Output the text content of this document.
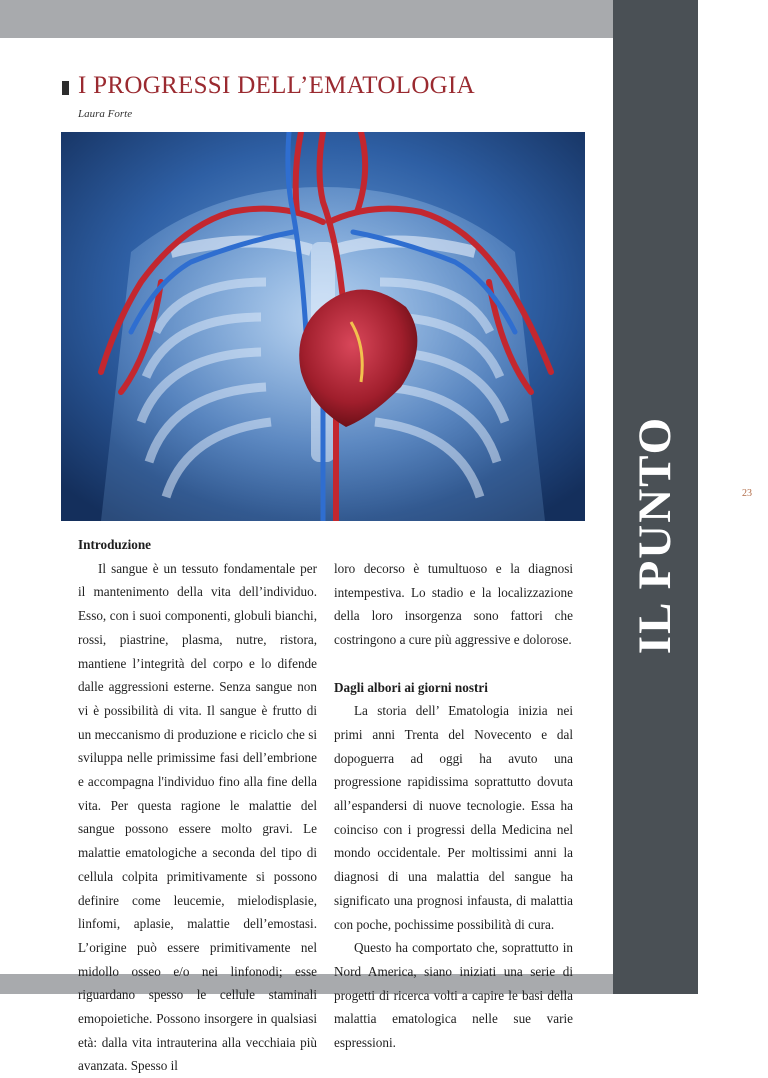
IL PUNTO	23
I PROGRESSI DELL’EMATOLOGIA
Laura Forte
Introduzione

Il sangue è un tessuto fondamentale per il mantenimento della vita dell’individuo. Esso, con i suoi componenti, globuli bianchi, rossi, piastrine, plasma, nutre, ristora, mantiene l’integrità del corpo e lo difende dalle aggressioni esterne. Senza sangue non vi è possibilità di vita. Il sangue è frutto di un meccanismo di produzione e riciclo che si sviluppa nelle primissime fasi dell’embrione e accompagna l'individuo fino alla fine della vita. Per questa ragione le malattie del sangue possono essere molto gravi. Le malattie ematologiche a seconda del tipo di cellula colpita primitivamente si possono definire come leucemie, mielodisplasie, linfomi, aplasie, malattie dell’emostasi. L’origine può essere primitivamente nel midollo osseo e/o nei linfonodi; esse riguardano spesso le cellule staminali emopoietiche. Possono insorgere in qualsiasi età: dalla vita intrauterina alla vecchiaia più avanzata. Spesso il

loro decorso è tumultuoso e la diagnosi intempestiva. Lo stadio e la localizzazione della loro insorgenza sono fattori che costringono a cure più aggressive e dolorose.

Dagli albori ai giorni nostri

La storia dell’ Ematologia inizia nei primi anni Trenta del Novecento e dal dopoguerra ad oggi ha avuto una progressione rapidissima soprattutto dovuta all’espandersi di nuove tecnologie. Essa ha coinciso con i progressi della Medicina nel mondo occidentale. Per moltissimi anni la diagnosi di una malattia del sangue ha significato una prognosi infausta, di malattia con poche, pochissime possibilità di cura.

Questo ha comportato che, soprattutto in Nord America, siano iniziati una serie di progetti di ricerca volti a capire le basi della malattia ematologica nelle sue varie espressioni.
